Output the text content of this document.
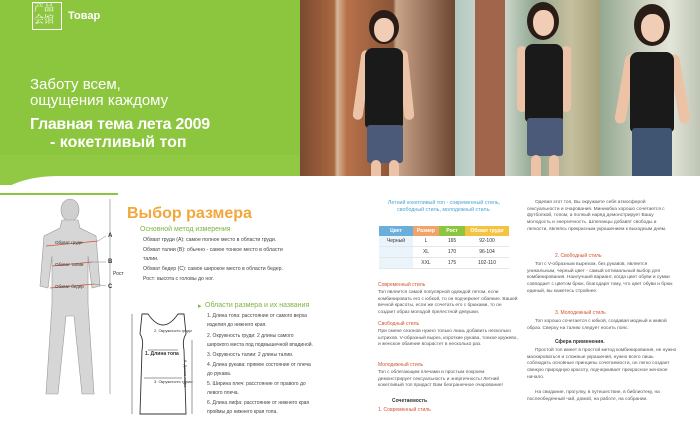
产品
会馆	Товар
Заботу всем,
ощущения каждому
Главная тема лета 2009
- кокетливый топ
A
B
C
Обхват груди
Обхват талии
Обхват бедер
Рост
Выбор размера
Основной метод измерения
Обхват груди (А): самое полное место в области груди.
Обхват талии (В): обычно - самое тонкое место в области
талии.
Обхват бедер (С): самое широкое место в области бедер.
Рост: высота с головы до ног.
▸ Области размера и их названия
2. Окружность груди
1. Длина топа
3. Окружность талии
6. Длина лифа
1. Длина топа: расстояние от самого верха
изделия до нижнего края.
2. Окружность груди: 2 длины самого
широкого места под подмышечной впадиной.
3. Окружность талии: 2 длины талии.
4. Длина рукава: прямое состояние от плеча
до рукава.
5. Ширина плеч: расстояние от правого до
левого плеча.
6. Длина лифа: расстояние от нижнего края
проймы до нижнего края топа.
Летний кокетливый топ - современный стиль, свободный стиль, молодежный стиль.
Цвет	Размер	Рост	Обхват груди
Черный	L	165	92-100
	XL	170	96-104
	XXL	175	102-110
Современный стиль
Топ является самой популярной одеждой летом, если комбинировать его с юбкой, то он подчеркнет обаяние. Вашей вечной красоты, если же сочетать его с брюками, то он создает образ молодой прелестной девушки.
Свободный стиль
При смене сезонов нужно только лишь добавить несколько штрихов. V-образный вырез, короткие рукава, тонкое кружево, и женское обаяние возрастет в несколько раз.
Молодежный стиль
Топ с облегающим плечами и простым покроем демонстрирует сексуальность и энергичность! Летний кокетливый топ придаст Вам безграничное очарование!
Сочетаемость
1. Современный стиль
Одевая этот топ, Вы окружаете себя атмосферой сексуальности и очарования. Миниюбка хорошо сочетается с футболкой, топом, а полный наряд демонстрирует Вашу молодость и энергичность. Шлепанцы добавят свободы и легкости, являясь прекрасным украшением к выходным дням.
2. Свободный стиль
Топ с V-образным вырезом, без рукавов, является уникальным, черный цвет - самый оптимальный выбор для комбинирования. Наилучший вариант, когда цвет обуви и сумки совпадает с цветом брюк, благодаря тому, что цвет обуви и брюк единый, вы кажетесь стройнее.
3. Молодежный стиль
Топ хорошо сочетается с юбкой, создавая модный и живой образ. Сверху на талию следует носить пояс.
Сфера применения.
Простой топ имеет в простой метод комбинирования, не нужно маскироваться и сложные украшения, нужно всего лишь соблюдать основные принципы сочетаемости, он легко создает свежую природную красоту, подчеркивает прекрасное женское начало.
На свидание, прогулку, в путешествие, в библиотеку, на послеобеденный чай, домой, на работе, на собрании.
